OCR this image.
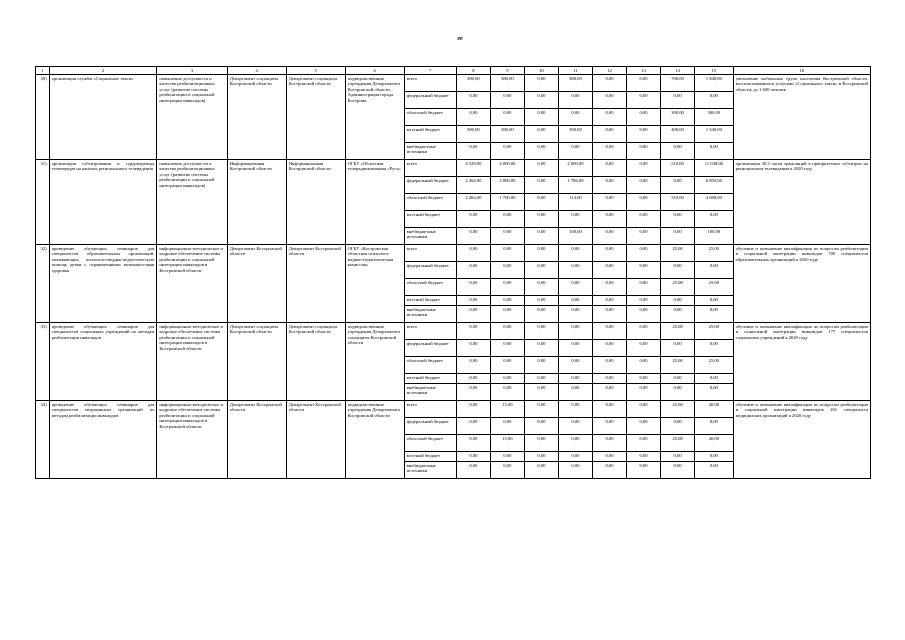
ee
1	2	3	4	5	6	7	8	9	10	11	12	13	14	15	16
30)	организация службы «Социальное такси»	повышение доступности и качества реабилитационных услуг (развитие системы реабилитации и социальной интеграции инвалидов)	Департамент соцзащиты Костромской области	Департамент соцзащиты Костромской области	подведомственные учреждения Департамента Костромской области, Администрация города Кострома	всего	380,00	380,00	0,00	380,00	0,00	0,00	700,00	1 840,00	увеличение мобильных групп населения Костромской области, воспользовавшихся услугами «Социального такси» в Костромской области, до 1 600 человек
						федеральный бюджет	0,00	0,00	0,00	0,00	0,00	0,00	0,00	0,00	
						областной бюджет	0,00	0,00	0,00	0,00	0,00	0,00	300,00	300,00	
						местный бюджет	380,00	380,00	0,00	380,00	0,00	0,00	400,00	1 540,00	
						внебюджетные источники	0,00	0,00	0,00	0,00	0,00	0,00	0,00	0,00	
31)	организация субтитрования и сурдоперевода телепередач на каналах регионального телевидения	повышение доступности и качества реабилитационных услуг (развитие системы реабилитации и социальной интеграции инвалидов)	Информационная Костромской области	Информационная Костромской области	ОГБУ «Областная телерадиокомпания «Русь»	всего	4 528,00	4 000,00	0,00	2 000,00	0,00	0,00	510,00	11 038,00	организация 30,3 часов трансляций в приоритетных субтитрах на региональном телевидении к 2020 году
						федеральный бюджет	2 264,00	2 800,00	0,00	1 786,00	0,00	0,00	0,00	6 850,00	
						областной бюджет	2 264,00	1 700,00	0,00	114,00	0,00	0,00	510,00	4 088,00	
						местный бюджет	0,00	0,00	0,00	0,00	0,00	0,00	0,00	0,00	
						внебюджетные источники	0,00	0,00	0,00	100,00	0,00	0,00	0,00	100,00	
32)	проведение обучающих семинаров для специалистов образовательных организаций, оказывающих психолого-медико-педагогическую помощь детям с ограниченными возможностями здоровья	информационно-методическое и кадровое обеспечение системы реабилитации и социальной интеграции инвалидов в Костромской области	Департамент Костромской области	Департамент Костромской области	ОГБУ «Костромская областная психолого-медико-педагогическая комиссия»	всего	0,00	0,00	0,00	0,00	0,00	0,00	25,00	25,00	обучение и повышение квалификации по вопросам реабилитации и социальной интеграции инвалидов 700 специалистов образовательных организаций к 2020 году
						федеральный бюджет	0,00	0,00	0,00	0,00	0,00	0,00	0,00	0,00	
						областной бюджет	0,00	0,00	0,00	0,00	0,00	0,00	25,00	25,00	
						местный бюджет	0,00	0,00	0,00	0,00	0,00	0,00	0,00	0,00	
						внебюджетные источники	0,00	0,00	0,00	0,00	0,00	0,00	0,00	0,00	
33)	проведение обучающих семинаров для специалистов социальных учреждений по методам реабилитации инвалидов	информационно-методическое и кадровое обеспечение системы реабилитации и социальной интеграции инвалидов в Костромской области	Департамент соцзащиты Костромской области	Департамент соцзащиты Костромской области	подведомственные учреждения Департамента соцзащиты Костромской области	всего	0,00	0,00	0,00	0,00	0,00	0,00	25,00	25,00	обучение и повышение квалификации по вопросам реабилитации и социальной интеграции инвалидов 177 специалистов социальных учреждений к 2020 году
						федеральный бюджет	0,00	0,00	0,00	0,00	0,00	0,00	0,00	0,00	
						областной бюджет	0,00	0,00	0,00	0,00	0,00	0,00	25,00	25,00	
						местный бюджет	0,00	0,00	0,00	0,00	0,00	0,00	0,00	0,00	
						внебюджетные источники	0,00	0,00	0,00	0,00	0,00	0,00	0,00	0,00	
34)	проведение обучающих семинаров для специалистов медицинских организаций по методам реабилитации инвалидов	информационно-методическое и кадровое обеспечение системы реабилитации и социальной интеграции инвалидов в Костромской области	Департамент Костромской области	Департамент Костромской области	подведомственные учреждения Департамента Костромской области	всего	0,00	15,00	0,00	0,00	0,00	0,00	25,00	40,00	обучение и повышение квалификации по вопросам реабилитации и социальной интеграции инвалидов 261 специалиста медицинских организаций к 2020 году
						федеральный бюджет	0,00	0,00	0,00	0,00	0,00	0,00	0,00	0,00	
						областной бюджет	0,00	15,00	0,00	0,00	0,00	0,00	25,00	40,00	
						местный бюджет	0,00	0,00	0,00	0,00	0,00	0,00	0,00	0,00	
						внебюджетные источники	0,00	0,00	0,00	0,00	0,00	0,00	0,00	0,00	
